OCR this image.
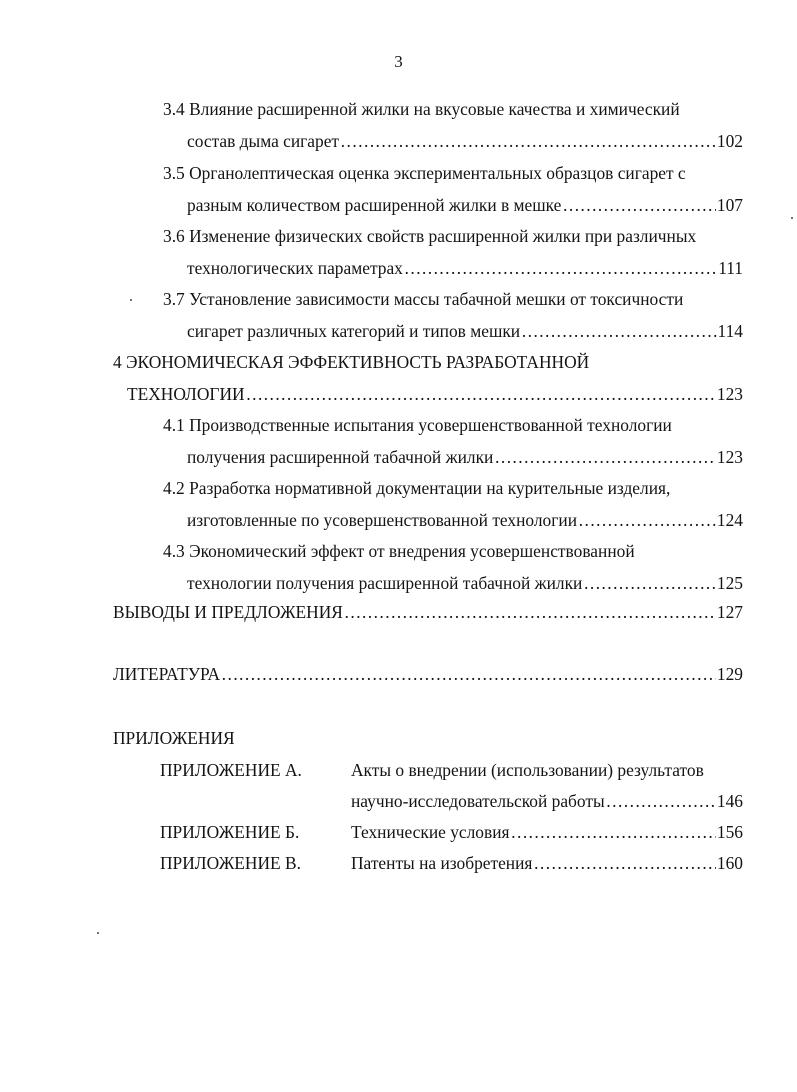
3
3.4 Влияние расширенной жилки на вкусовые качества и химический
состав дыма сигарет …………………………………………………………………………………………………………………………………………………………………	102
3.5 Органолептическая оценка экспериментальных образцов сигарет с
разным количеством расширенной жилки в мешке …………………………………………………………………………………………………………………………………………………………………	107
3.6 Изменение физических свойств расширенной жилки при различных
технологических параметрах …………………………………………………………………………………………………………………………………………………………………	111
3.7 Установление зависимости массы табачной мешки от токсичности
сигарет различных категорий и типов мешки …………………………………………………………………………………………………………………………………………………………………	114
4 ЭКОНОМИЧЕСКАЯ ЭФФЕКТИВНОСТЬ РАЗРАБОТАННОЙ
ТЕХНОЛОГИИ …………………………………………………………………………………………………………………………………………………………………	123
4.1 Производственные испытания усовершенствованной технологии
получения расширенной табачной жилки …………………………………………………………………………………………………………………………………………………………………	123
4.2 Разработка нормативной документации на курительные изделия,
изготовленные по усовершенствованной технологии …………………………………………………………………………………………………………………………………………………………………	124
4.3 Экономический эффект от внедрения усовершенствованной
технологии получения расширенной табачной жилки …………………………………………………………………………………………………………………………………………………………………	125
ВЫВОДЫ И ПРЕДЛОЖЕНИЯ …………………………………………………………………………………………………………………………………………………………………	127
ЛИТЕРАТУРА …………………………………………………………………………………………………………………………………………………………………	129
ПРИЛОЖЕНИЯ
ПРИЛОЖЕНИЕ А.	Акты о внедрении (использовании) результатов
научно-исследовательской работы …………………………………………………………………………………………………………………………………………………………………	146
ПРИЛОЖЕНИЕ Б.	Технические условия …………………………………………………………………………………………………………………………………………………………………	156
ПРИЛОЖЕНИЕ В.	Патенты на изобретения …………………………………………………………………………………………………………………………………………………………………	160
